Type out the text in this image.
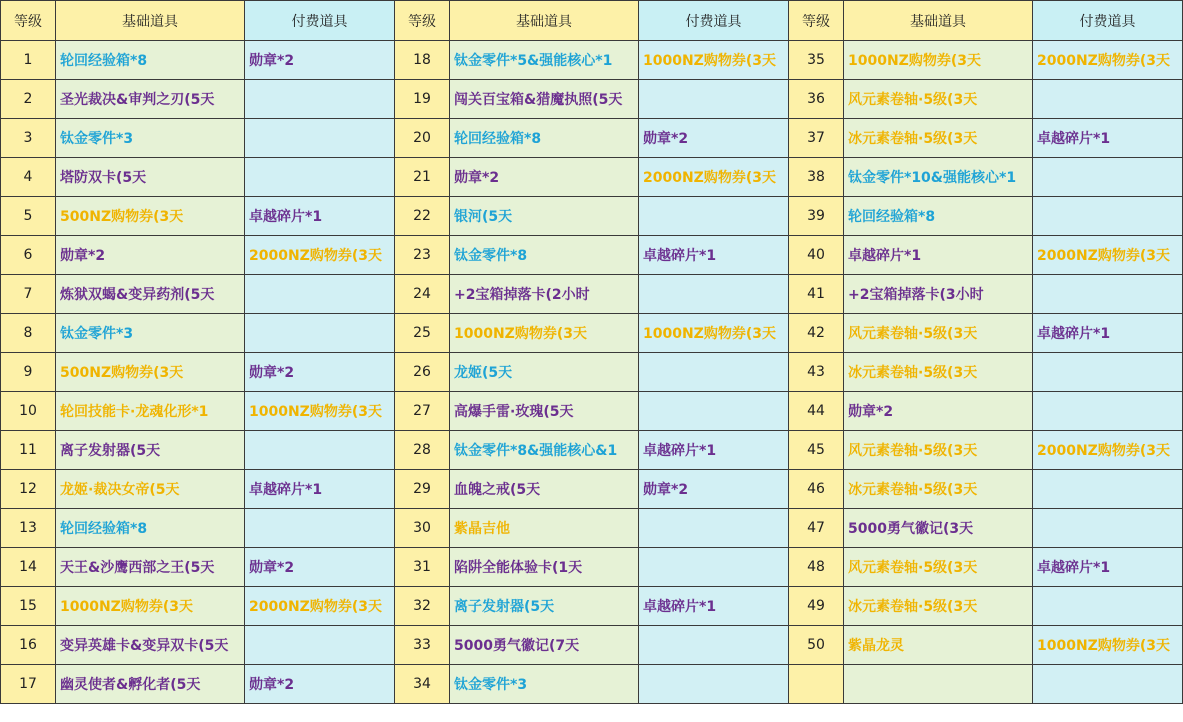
等级	基础道具	付费道具	等级	基础道具	付费道具	等级	基础道具	付费道具
1	轮回经验箱*8	勋章*2	18	钛金零件*5&强能核心*1	1000NZ购物券(3天	35	1000NZ购物券(3天	2000NZ购物券(3天
2	圣光裁决&审判之刃(5天		19	闯关百宝箱&猎魔执照(5天		36	风元素卷轴·5级(3天	
3	钛金零件*3		20	轮回经验箱*8	勋章*2	37	冰元素卷轴·5级(3天	卓越碎片*1
4	塔防双卡(5天		21	勋章*2	2000NZ购物券(3天	38	钛金零件*10&强能核心*1	
5	500NZ购物券(3天	卓越碎片*1	22	银河(5天		39	轮回经验箱*8	
6	勋章*2	2000NZ购物券(3天	23	钛金零件*8	卓越碎片*1	40	卓越碎片*1	2000NZ购物券(3天
7	炼狱双蝎&变异药剂(5天		24	+2宝箱掉落卡(2小时		41	+2宝箱掉落卡(3小时	
8	钛金零件*3		25	1000NZ购物券(3天	1000NZ购物券(3天	42	风元素卷轴·5级(3天	卓越碎片*1
9	500NZ购物券(3天	勋章*2	26	龙姬(5天		43	冰元素卷轴·5级(3天	
10	轮回技能卡·龙魂化形*1	1000NZ购物券(3天	27	高爆手雷·玫瑰(5天		44	勋章*2	
11	离子发射器(5天		28	钛金零件*8&强能核心&1	卓越碎片*1	45	风元素卷轴·5级(3天	2000NZ购物券(3天
12	龙姬·裁决女帝(5天	卓越碎片*1	29	血魄之戒(5天	勋章*2	46	冰元素卷轴·5级(3天	
13	轮回经验箱*8		30	紫晶吉他		47	5000勇气徽记(3天	
14	天王&沙鹰西部之王(5天	勋章*2	31	陷阱全能体验卡(1天		48	风元素卷轴·5级(3天	卓越碎片*1
15	1000NZ购物券(3天	2000NZ购物券(3天	32	离子发射器(5天	卓越碎片*1	49	冰元素卷轴·5级(3天	
16	变异英雄卡&变异双卡(5天		33	5000勇气徽记(7天		50	紫晶龙灵	1000NZ购物券(3天
17	幽灵使者&孵化者(5天	勋章*2	34	钛金零件*3				
